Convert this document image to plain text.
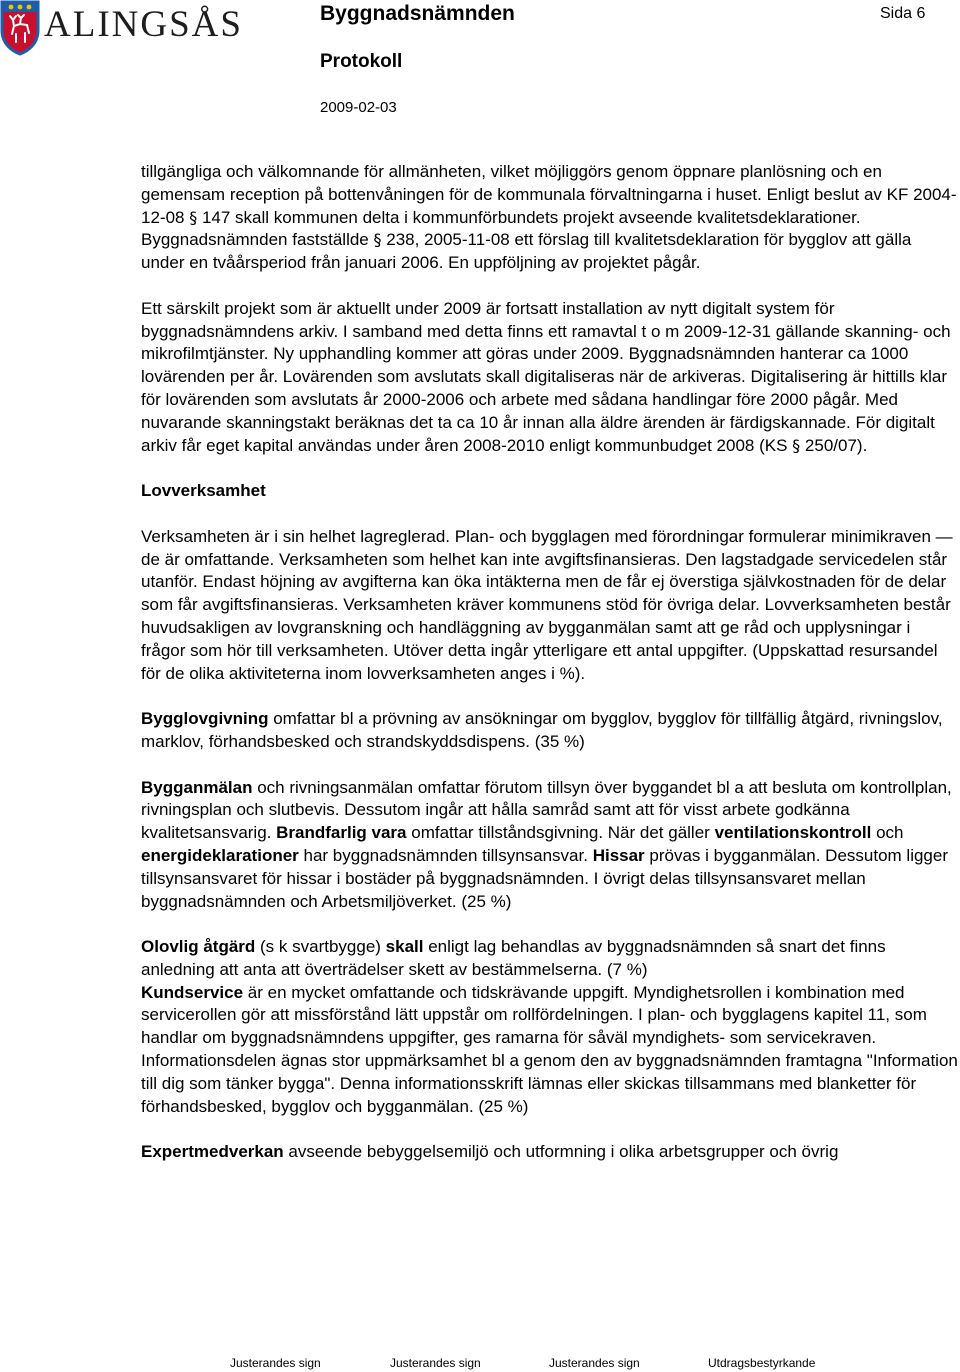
ALINGSÅS	Byggnadsnämnden
Protokoll
2009-02-03
Sida 6

tillgängliga och välkomnande för allmänheten, vilket möjliggörs genom öppnare planlösning och en gemensam reception på bottenvåningen för de kommunala förvaltningarna i huset. Enligt beslut av KF 2004-12-08 § 147 skall kommunen delta i kommunförbundets projekt avseende kvalitetsdeklarationer. Byggnadsnämnden fastställde § 238, 2005-11-08 ett förslag till kvalitetsdeklaration för bygglov att gälla under en tvåårsperiod från januari 2006. En uppföljning av projektet pågår.

Ett särskilt projekt som är aktuellt under 2009 är fortsatt installation av nytt digitalt system för byggnadsnämndens arkiv. I samband med detta finns ett ramavtal t o m 2009-12-31 gällande skanning- och mikrofilmtjänster. Ny upphandling kommer att göras under 2009. Byggnadsnämnden hanterar ca 1000 lovärenden per år. Lovärenden som avslutats skall digitaliseras när de arkiveras. Digitalisering är hittills klar för lovärenden som avslutats år 2000-2006 och arbete med sådana handlingar före 2000 pågår. Med nuvarande skanningstakt beräknas det ta ca 10 år innan alla äldre ärenden är färdigskannade. För digitalt arkiv får eget kapital användas under åren 2008-2010 enligt kommunbudget 2008 (KS § 250/07).

Lovverksamhet

Verksamheten är i sin helhet lagreglerad. Plan- och bygglagen med förordningar formulerar minimikraven — de är omfattande. Verksamheten som helhet kan inte avgiftsfinansieras. Den lagstadgade servicedelen står utanför. Endast höjning av avgifterna kan öka intäkterna men de får ej överstiga självkostnaden för de delar som får avgiftsfinansieras. Verksamheten kräver kommunens stöd för övriga delar. Lovverksamheten består huvudsakligen av lovgranskning och handläggning av bygganmälan samt att ge råd och upplysningar i frågor som hör till verksamheten. Utöver detta ingår ytterligare ett antal uppgifter. (Uppskattad resursandel för de olika aktiviteterna inom lovverksamheten anges i %).

Bygglovgivning omfattar bl a prövning av ansökningar om bygglov, bygglov för tillfällig åtgärd, rivningslov, marklov, förhandsbesked och strandskyddsdispens. (35 %)

Bygganmälan och rivningsanmälan omfattar förutom tillsyn över byggandet bl a att besluta om kontrollplan, rivningsplan och slutbevis. Dessutom ingår att hålla samråd samt att för visst arbete godkänna kvalitetsansvarig. Brandfarlig vara omfattar tillståndsgivning. När det gäller ventilationskontroll och energideklarationer har byggnadsnämnden tillsynsansvar. Hissar prövas i bygganmälan. Dessutom ligger tillsynsansvaret för hissar i bostäder på byggnadsnämnden. I övrigt delas tillsynsansvaret mellan byggnadsnämnden och Arbetsmiljöverket. (25 %)

Olovlig åtgärd (s k svartbygge) skall enligt lag behandlas av byggnadsnämnden så snart det finns anledning att anta att överträdelser skett av bestämmelserna. (7 %)

Kundservice är en mycket omfattande och tidskrävande uppgift. Myndighetsrollen i kombination med servicerollen gör att missförstånd lätt uppstår om rollfördelningen. I plan- och bygglagens kapitel 11, som handlar om byggnadsnämndens uppgifter, ges ramarna för såväl myndighets- som servicekraven. Informationsdelen ägnas stor uppmärksamhet bl a genom den av byggnadsnämnden framtagna "Information till dig som tänker bygga". Denna informationsskrift lämnas eller skickas tillsammans med blanketter för förhandsbesked, bygglov och bygganmälan. (25 %)

Expertmedverkan avseende bebyggelsemiljö och utformning i olika arbetsgrupper och övrig

Justerandes sign	Justerandes sign	Justerandes sign	Utdragsbestyrkande
